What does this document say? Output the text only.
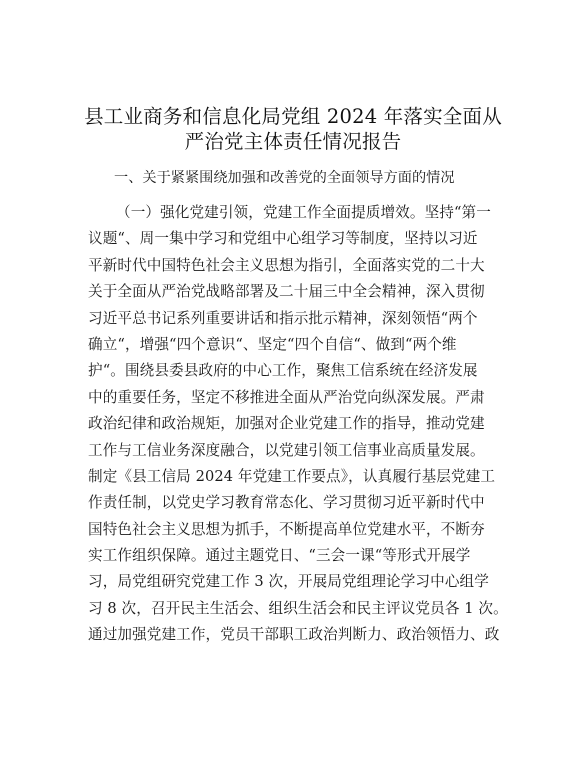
县工业商务和信息化局党组 2024 年落实全面从
严治党主体责任情况报告
一、关于紧紧围绕加强和改善党的全面领导方面的情况
（一）强化党建引领，党建工作全面提质增效。坚持“第一
议题“、周一集中学习和党组中心组学习等制度，坚持以习近
平新时代中国特色社会主义思想为指引，全面落实党的二十大
关于全面从严治党战略部署及二十届三中全会精神，深入贯彻
习近平总书记系列重要讲话和指示批示精神，深刻领悟“两个
确立“，增强“四个意识“、坚定“四个自信“、做到“两个维
护“。围绕县委县政府的中心工作，聚焦工信系统在经济发展
中的重要任务，坚定不移推进全面从严治党向纵深发展。严肃
政治纪律和政治规矩，加强对企业党建工作的指导，推动党建
工作与工信业务深度融合，以党建引领工信事业高质量发展。
制定《县工信局 2024 年党建工作要点》，认真履行基层党建工
作责任制，以党史学习教育常态化、学习贯彻习近平新时代中
国特色社会主义思想为抓手，不断提高单位党建水平，不断夯
实工作组织保障。通过主题党日、“三会一课“等形式开展学
习，局党组研究党建工作 3 次，开展局党组理论学习中心组学
习 8 次，召开民主生活会、组织生活会和民主评议党员各 1 次。
通过加强党建工作，党员干部职工政治判断力、政治领悟力、政
